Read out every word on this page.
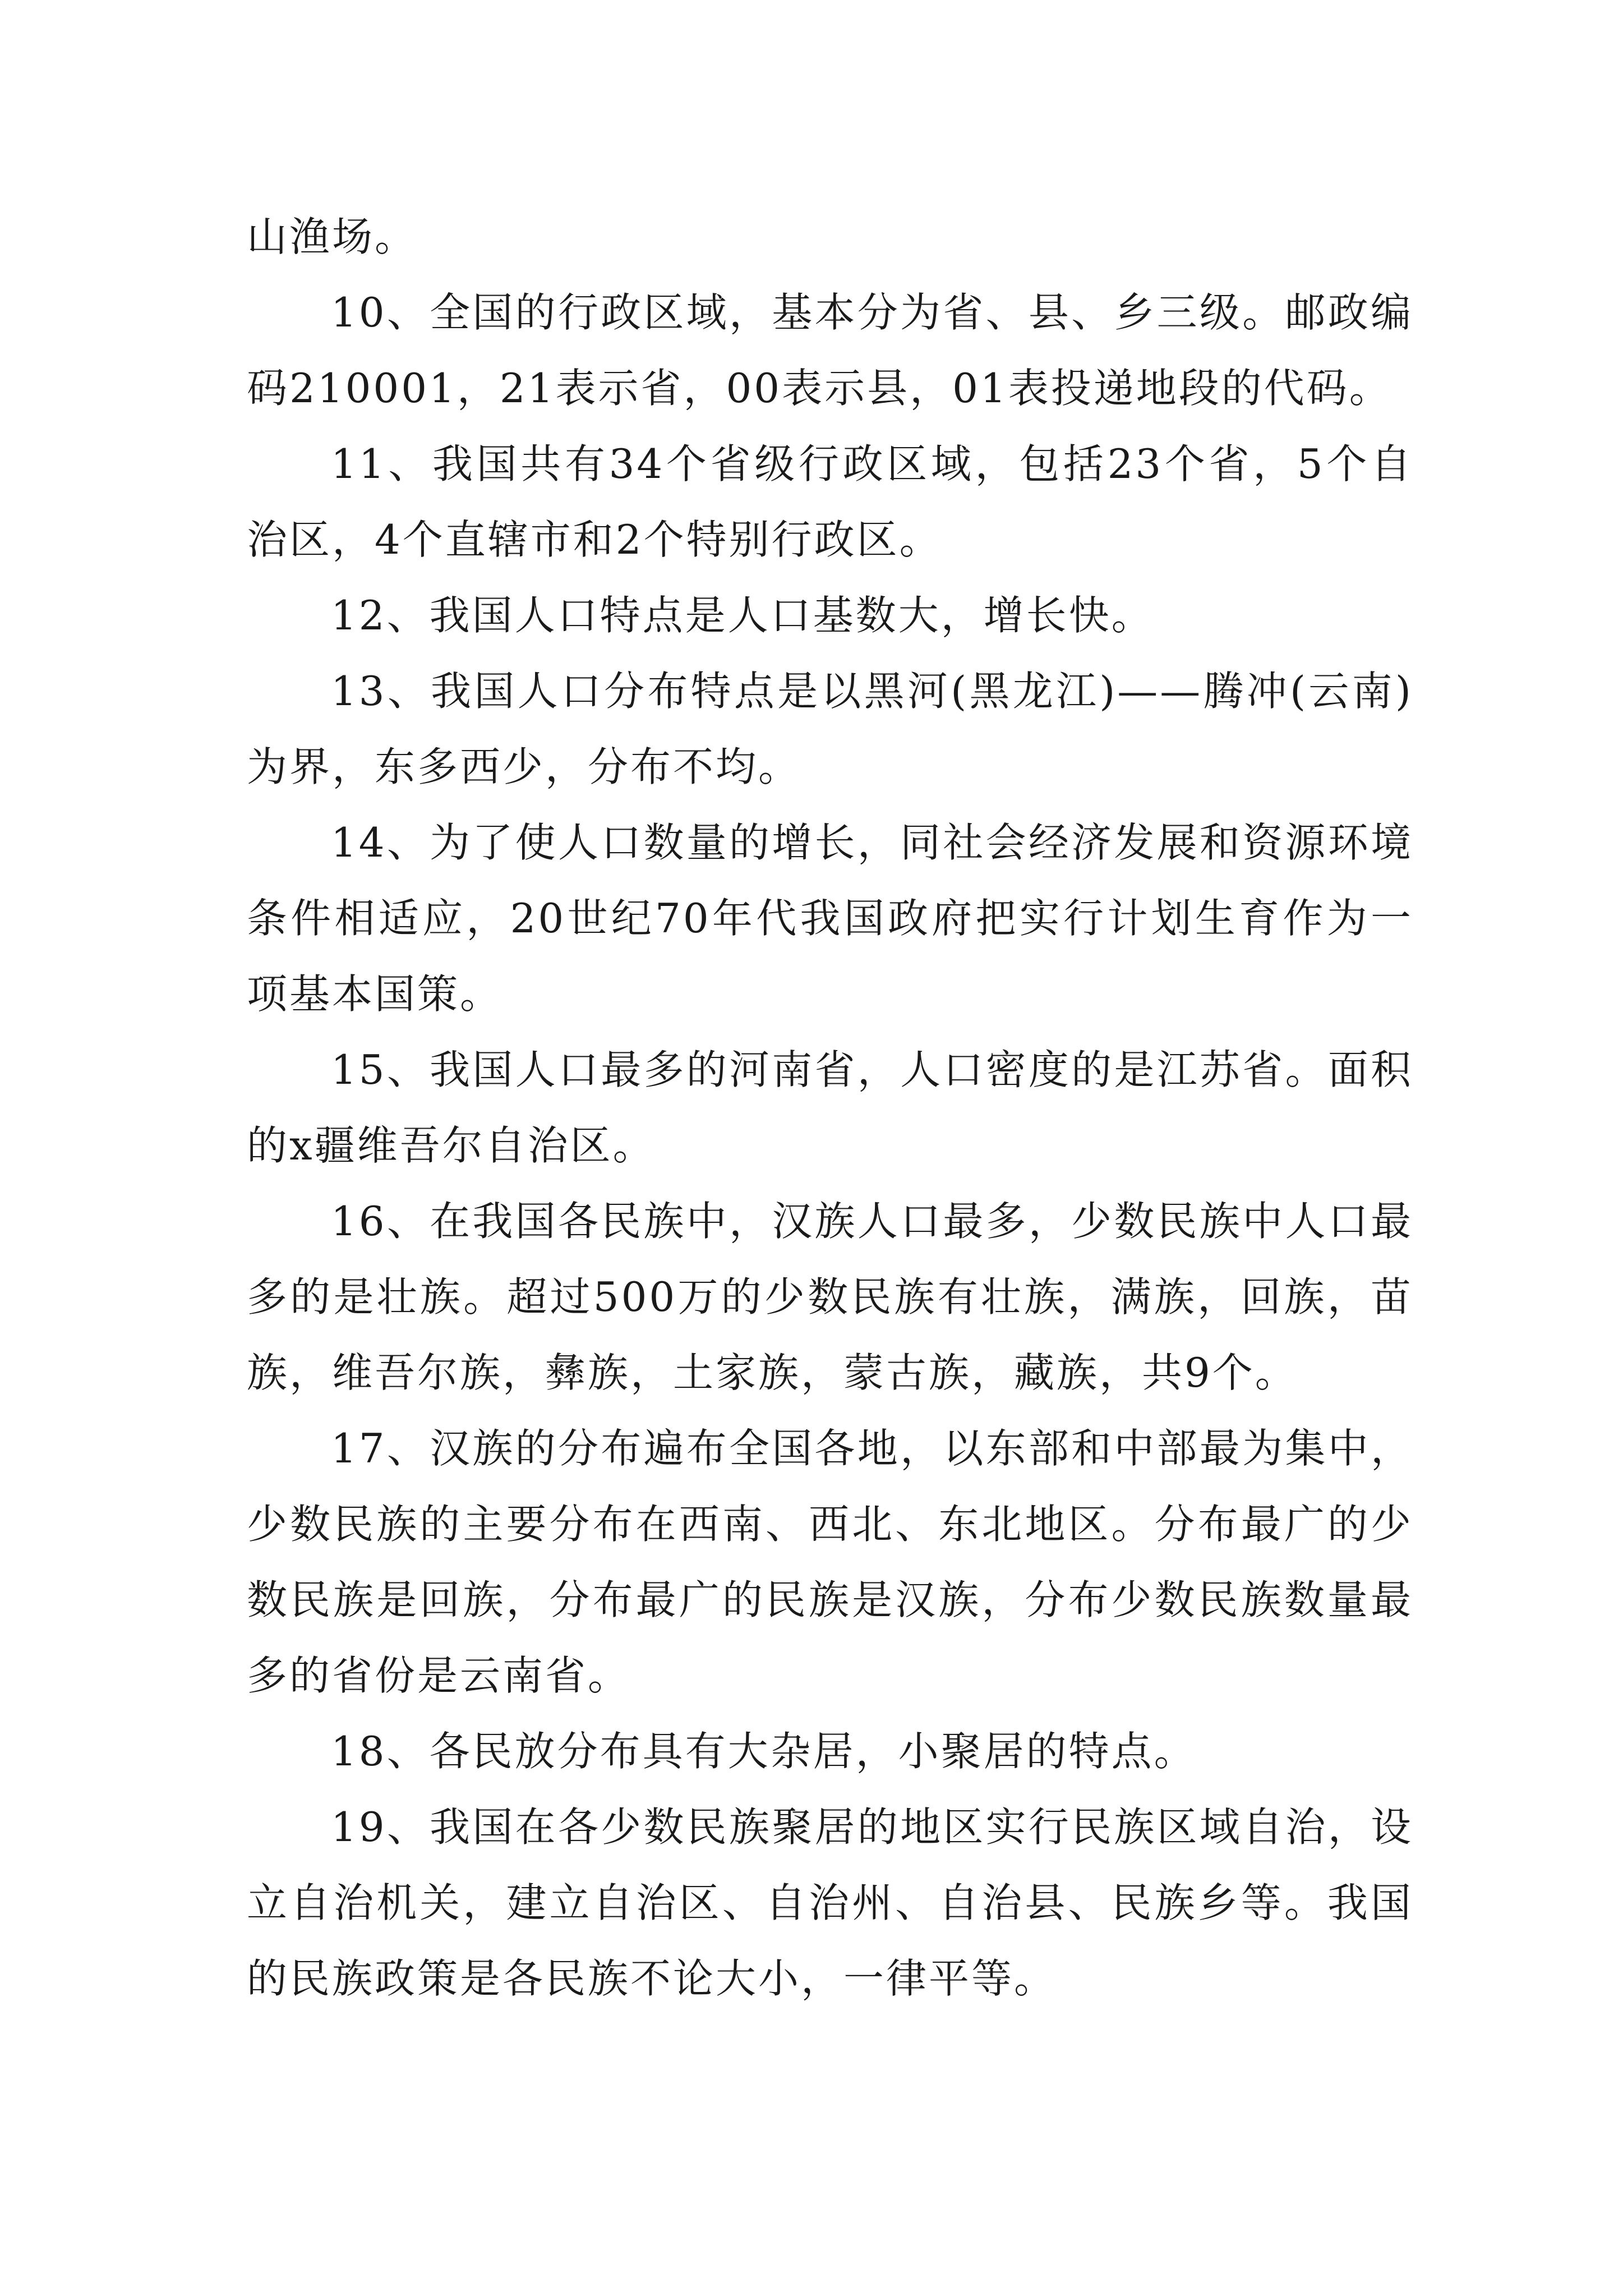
山渔场。

10、全国的行政区域，基本分为省、县、乡三级。邮政编码210001，21表示省，00表示县，01表投递地段的代码。

11、我国共有34个省级行政区域，包括23个省，5个自治区，4个直辖市和2个特别行政区。

12、我国人口特点是人口基数大，增长快。

13、我国人口分布特点是以黑河(黑龙江)——腾冲(云南)为界，东多西少，分布不均。

14、为了使人口数量的增长，同社会经济发展和资源环境条件相适应，20世纪70年代我国政府把实行计划生育作为一项基本国策。

15、我国人口最多的河南省，人口密度的是江苏省。面积的x疆维吾尔自治区。

16、在我国各民族中，汉族人口最多，少数民族中人口最多的是壮族。超过500万的少数民族有壮族，满族，回族，苗族，维吾尔族，彝族，土家族，蒙古族，藏族，共9个。

17、汉族的分布遍布全国各地，以东部和中部最为集中，少数民族的主要分布在西南、西北、东北地区。分布最广的少数民族是回族，分布最广的民族是汉族，分布少数民族数量最多的省份是云南省。

18、各民放分布具有大杂居，小聚居的特点。

19、我国在各少数民族聚居的地区实行民族区域自治，设立自治机关，建立自治区、自治州、自治县、民族乡等。我国的民族政策是各民族不论大小，一律平等。
